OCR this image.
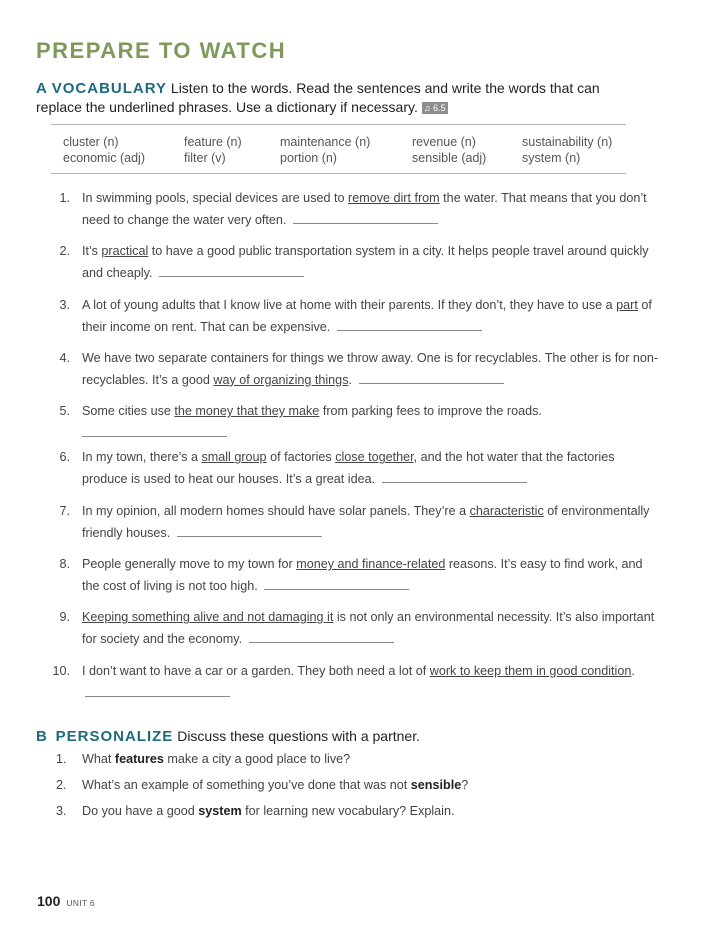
PREPARE TO WATCH
A VOCABULARY Listen to the words. Read the sentences and write the words that can replace the underlined phrases. Use a dictionary if necessary. ♫ 6.5
cluster (n)	feature (n)	maintenance (n)	revenue (n)	sustainability (n)
economic (adj)	filter (v)	portion (n)	sensible (adj)	system (n)
1. In swimming pools, special devices are used to remove dirt from the water. That means that you don’t need to change the water very often.
2. It’s practical to have a good public transportation system in a city. It helps people travel around quickly and cheaply.
3. A lot of young adults that I know live at home with their parents. If they don’t, they have to use a part of their income on rent. That can be expensive.
4. We have two separate containers for things we throw away. One is for recyclables. The other is for non-recyclables. It’s a good way of organizing things.
5. Some cities use the money that they make from parking fees to improve the roads.
6. In my town, there’s a small group of factories close together, and the hot water that the factories produce is used to heat our houses. It’s a great idea.
7. In my opinion, all modern homes should have solar panels. They’re a characteristic of environmentally friendly houses.
8. People generally move to my town for money and finance-related reasons. It’s easy to find work, and the cost of living is not too high.
9. Keeping something alive and not damaging it is not only an environmental necessity. It’s also important for society and the economy.
10. I don’t want to have a car or a garden. They both need a lot of work to keep them in good condition.
B PERSONALIZE Discuss these questions with a partner.
1. What features make a city a good place to live?
2. What’s an example of something you’ve done that was not sensible?
3. Do you have a good system for learning new vocabulary? Explain.
100 UNIT 6
